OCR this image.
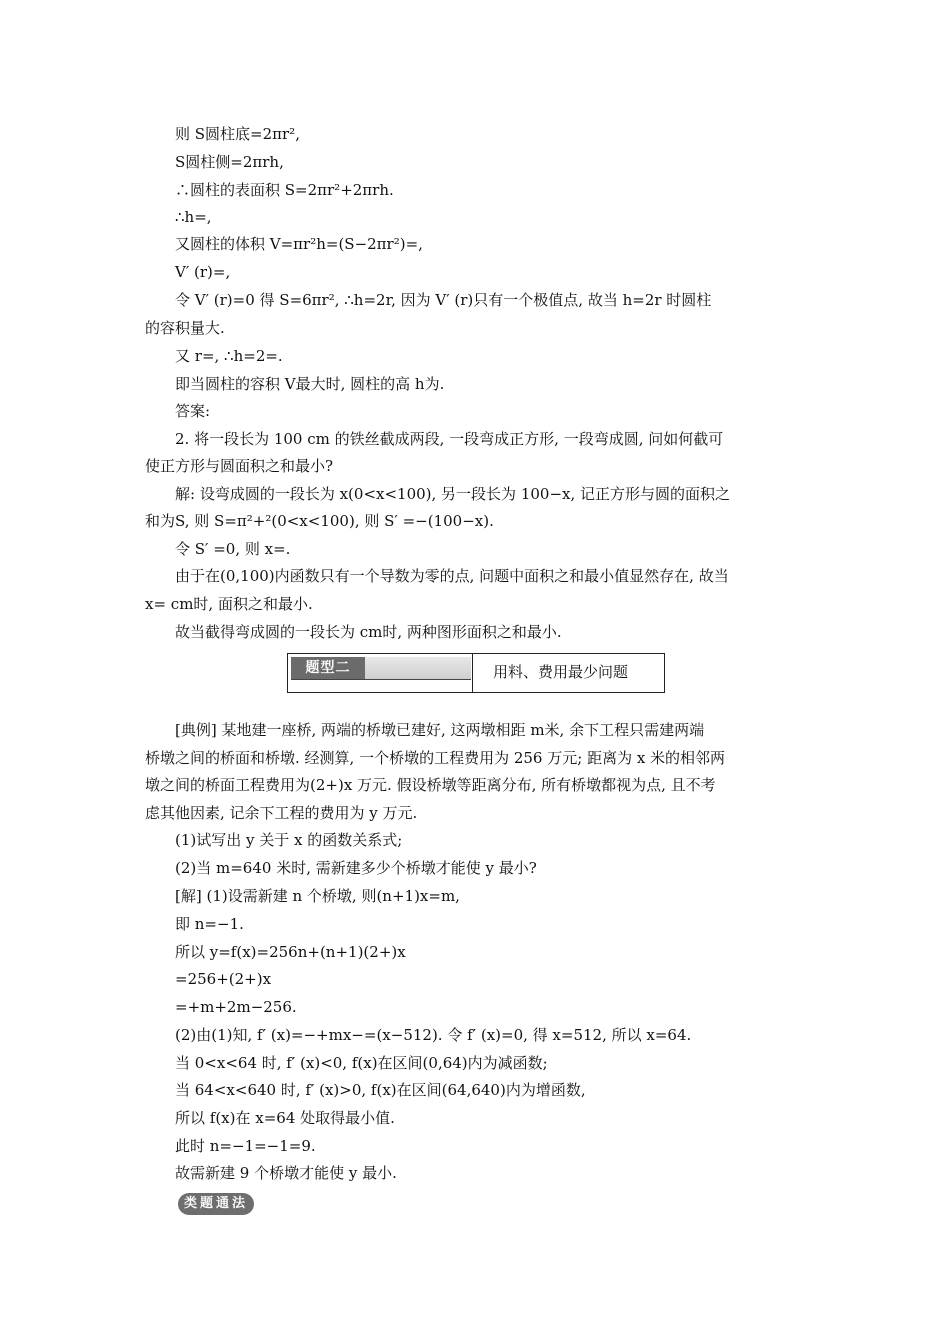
则 S圆柱底=2πr²,
S圆柱侧=2πrh,
∴圆柱的表面积 S=2πr²+2πrh.
∴h=,
又圆柱的体积 V=πr²h=(S−2πr²)=,
V′ (r)=,
令 V′ (r)=0 得 S=6πr², ∴h=2r, 因为 V′ (r)只有一个极值点, 故当 h=2r 时圆柱
的容积量大.
又 r=, ∴h=2=.
即当圆柱的容积 V最大时, 圆柱的高 h为.
答案:
2. 将一段长为 100 cm 的铁丝截成两段, 一段弯成正方形, 一段弯成圆, 问如何截可
使正方形与圆面积之和最小?
解: 设弯成圆的一段长为 x(0<x<100), 另一段长为 100−x, 记正方形与圆的面积之
和为S, 则 S=π²+²(0<x<100), 则 S′ =−(100−x).
令 S′ =0, 则 x=.
由于在(0,100)内函数只有一个导数为零的点, 问题中面积之和最小值显然存在, 故当
x= cm时, 面积之和最小.
故当截得弯成圆的一段长为 cm时, 两种图形面积之和最小.
题型二	用料、费用最少问题
[典例] 某地建一座桥, 两端的桥墩已建好, 这两墩相距 m米, 余下工程只需建两端
桥墩之间的桥面和桥墩. 经测算, 一个桥墩的工程费用为 256 万元; 距离为 x 米的相邻两
墩之间的桥面工程费用为(2+)x 万元. 假设桥墩等距离分布, 所有桥墩都视为点, 且不考
虑其他因素, 记余下工程的费用为 y 万元.
(1)试写出 y 关于 x 的函数关系式;
(2)当 m=640 米时, 需新建多少个桥墩才能使 y 最小?
[解] (1)设需新建 n 个桥墩, 则(n+1)x=m,
即 n=−1.
所以 y=f(x)=256n+(n+1)(2+)x
=256+(2+)x
=+m+2m−256.
(2)由(1)知, f′ (x)=−+mx−=(x−512). 令 f′ (x)=0, 得 x=512, 所以 x=64.
当 0<x<64 时, f′ (x)<0, f(x)在区间(0,64)内为减函数;
当 64<x<640 时, f′ (x)>0, f(x)在区间(64,640)内为增函数,
所以 f(x)在 x=64 处取得最小值.
此时 n=−1=−1=9.
故需新建 9 个桥墩才能使 y 最小.
类题通法
